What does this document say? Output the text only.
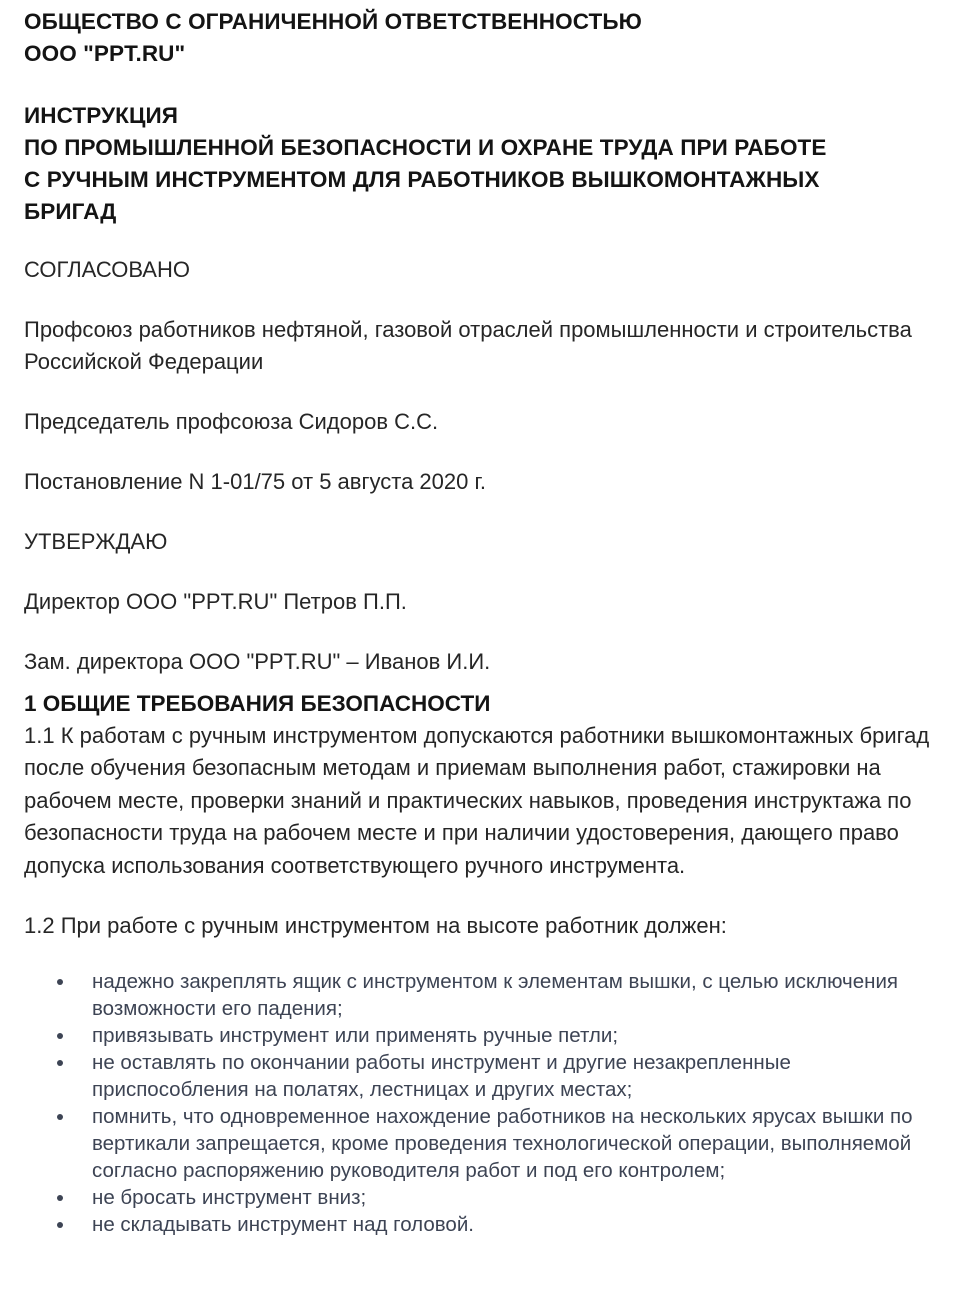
ОБЩЕСТВО С ОГРАНИЧЕННОЙ ОТВЕТСТВЕННОСТЬЮ
ООО "PPT.RU"
ИНСТРУКЦИЯ
ПО ПРОМЫШЛЕННОЙ БЕЗОПАСНОСТИ И ОХРАНЕ ТРУДА ПРИ РАБОТЕ
С РУЧНЫМ ИНСТРУМЕНТОМ ДЛЯ РАБОТНИКОВ ВЫШКОМОНТАЖНЫХ
БРИГАД

СОГЛАСОВАНО

Профсоюз работников нефтяной, газовой отраслей промышленности и строительства Российской Федерации

Председатель профсоюза Сидоров С.С.

Постановление N 1-01/75 от 5 августа 2020 г.

УТВЕРЖДАЮ

Директор ООО "PPT.RU" Петров П.П.

Зам. директора ООО "PPT.RU" – Иванов И.И.

1 ОБЩИЕ ТРЕБОВАНИЯ БЕЗОПАСНОСТИ
1.1 К работам с ручным инструментом допускаются работники вышкомонтажных бригад после обучения безопасным методам и приемам выполнения работ, стажировки на рабочем месте, проверки знаний и практических навыков, проведения инструктажа по безопасности труда на рабочем месте и при наличии удостоверения, дающего право допуска использования соответствующего ручного инструмента.
1.2 При работе с ручным инструментом на высоте работник должен:
надежно закреплять ящик с инструментом к элементам вышки, с целью исключения возможности его падения;
привязывать инструмент или применять ручные петли;
не оставлять по окончании работы инструмент и другие незакрепленные приспособления на полатях, лестницах и других местах;
помнить, что одновременное нахождение работников на нескольких ярусах вышки по вертикали запрещается, кроме проведения технологической операции, выполняемой согласно распоряжению руководителя работ и под его контролем;
не бросать инструмент вниз;
не складывать инструмент над головой.
